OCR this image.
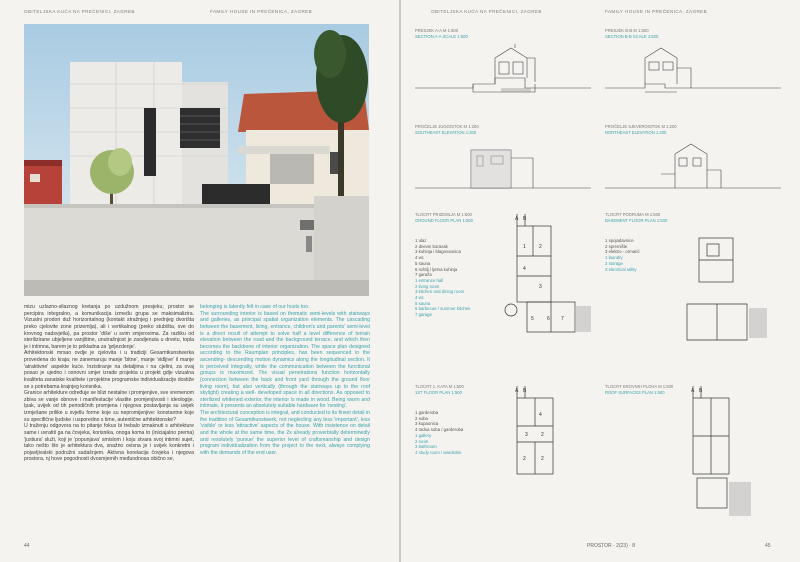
OBITELJSKA KUĆA NA PREČENICI, ZAGREB	FAMILY HOUSE IN PREČENICA, ZAGREB

mizu uzlazno-silaznog kretanja po uzdužnom presjeku; prostor se percipira integralno, a komunikacija između grupa se maksimalizira. Vizualni prodori duž horizontalnog (kontakt stražnjeg i prednjeg dvorišta preko cjelovite zone prizemlja), ali i vertikalnog (preko stubišta, sve do krovnog nadsvjetla), pa prostor 'diše' u svim smjerovima. Za razliku od sterilizirane ubjeljene vanjštine, unutrašnjost je zaodjenuta u drvetu, topla je i intimna, barem je to prikladna za 'grijezdenje'.

Arhitektonski mrsao ovdje je cjelovita i u tradiciji Gesamtkunstwerka provedena do kraja; ne zanemaruju manje 'bitne', manje 'vidljive' il manje 'atraktivne' aspekte kuće. Inzistiranje na detaljima i na cjelini, za ovaj posao je ujedno i osnovni smjer izrade projekta u projekt gdje vizualna kvaliteta zanatske kvalitete i projektne programske individualizacije dostiže se s potrebama krajnjeg korisnika.

Granice arhitekture određuje se blizi nestalne i promjenjive, sve vremenom zbiva se vanje obnove i manifestacije vlastite promjenjivosti i ideologije. Ipak, uvijek od tih periodičnih promjena i njegova postavljanja su uvijek izmješane prilike u svjetlu forme koje su nepromijenjive: konstantne koje su specifične ljudske i usporedno s time, autentične arhitektonske?

U traženju odgovora na to pitanje fokus bi trebalo izmaknuti s arhitekture same i uvratiti ga na čovjeka, korisnika, onoga koma to (iniciajalno prema) 'justiura' služi, koji je 'popunjava' smislom i koju stvara svoj intimni sujet, tako nešto što je arhitektura dva, snažno ovisna je i uvijek konkretni i pojavljivalski podružni sadašnjem. Aktivna korelacija čovjeka i njegova prostora, nj hove pogodnosti dvosmjernih međuodnosa obično se,

belonging is latently felt in case of our hosts too.

The surrounding interior is based on thematic semi-levels with stairways and galleries, as principal spatial organization elements. The cascading between the basement, living, entrance, children's and parents' semi-level is a direct result of attempt to solve half a level difference of terrain elevation between the road and the background terrace, and which then becomes the backbone of interior organization. The space plan designed according to the Raumplan principles, has been sequenced in the ascending- descending motion dynamics along the longitudinal section. It is perceived integrally, while the communication between the functional groups is maximized. The visual penetrations function horizontally (connection between the back and front yard through the ground floor living room), but also vertically (through the stairways up to the roof skylight) creating a well- developed space in all directions. As opposed to sterilized whitened exterior, the interior is made in wood. Being warm and intimate, it presents an absolutely suitable hardware for 'nesting'.

The architectural conception is integral, and conducted to its finest detail in the tradition of Gesamtkunstwerk, not neglecting any less 'important', less 'visible' or less 'attractive' aspects of the house. With insistence on detail and the whole at the same time, the 2x already proverbially determinedly and resolutely 'pursue' the superior level of craftsmanship and design program individualization from the project to the next, always complying with the demands of the end user.

44
OBITELJSKA KUĆA NA PREČENICI, ZAGREB	FAMILY HOUSE IN PREČENICA, ZAGREB
PRESJEK A-A M 1:500
SECTION A-A SCALE 1:500
PRESJEK B-B M 1:500
SECTION B-B SCALE 1:500
PROČELJE JUGOISTOK M 1:200
SOUTHEAST ELEVATION 1:200
PROČELJE SJEVEROISTOK M 1:200
NORTHEAST ELEVATION 1:200
TLOCRT PRIZEMLJA M 1:500
GROUND FLOOR PLAN 1:500
1 ulaz
2 dnevni boravak
3 kuhinja i blagovaonica
4 wc
5 sauna
6 roštilj / ljetna kuhinja
7 garaža
1 entrance hall
2 living room
3 kitchen and dining room
4 wc
5 sauna
6 barbecue / summer kitchen
7 garage
A B
1	2
4
3
5	6 7
TLOCRT PODRUMA M 1:500
BASEMENT FLOOR PLAN 1:500
1 spojadavnice
2 spremište
3 elektro - ormarić
1 laundry
2 storage
3 electrical utility
TLOCRT 1. KATA M 1:500
1ST FLOOR PLAN 1:500
1 garderoba
2 soba
3 kupaonica
4 radna soba / garderoba
1 gallery
2 room
3 bathroom
4 study room / wardrobe
A B
4
3	2
2	2
TLOCRT KROVNIH PLOHA M 1:500
ROOF SURFACES PLAN 1:500	A B
PROSTOR · 2(23) · 8	45
